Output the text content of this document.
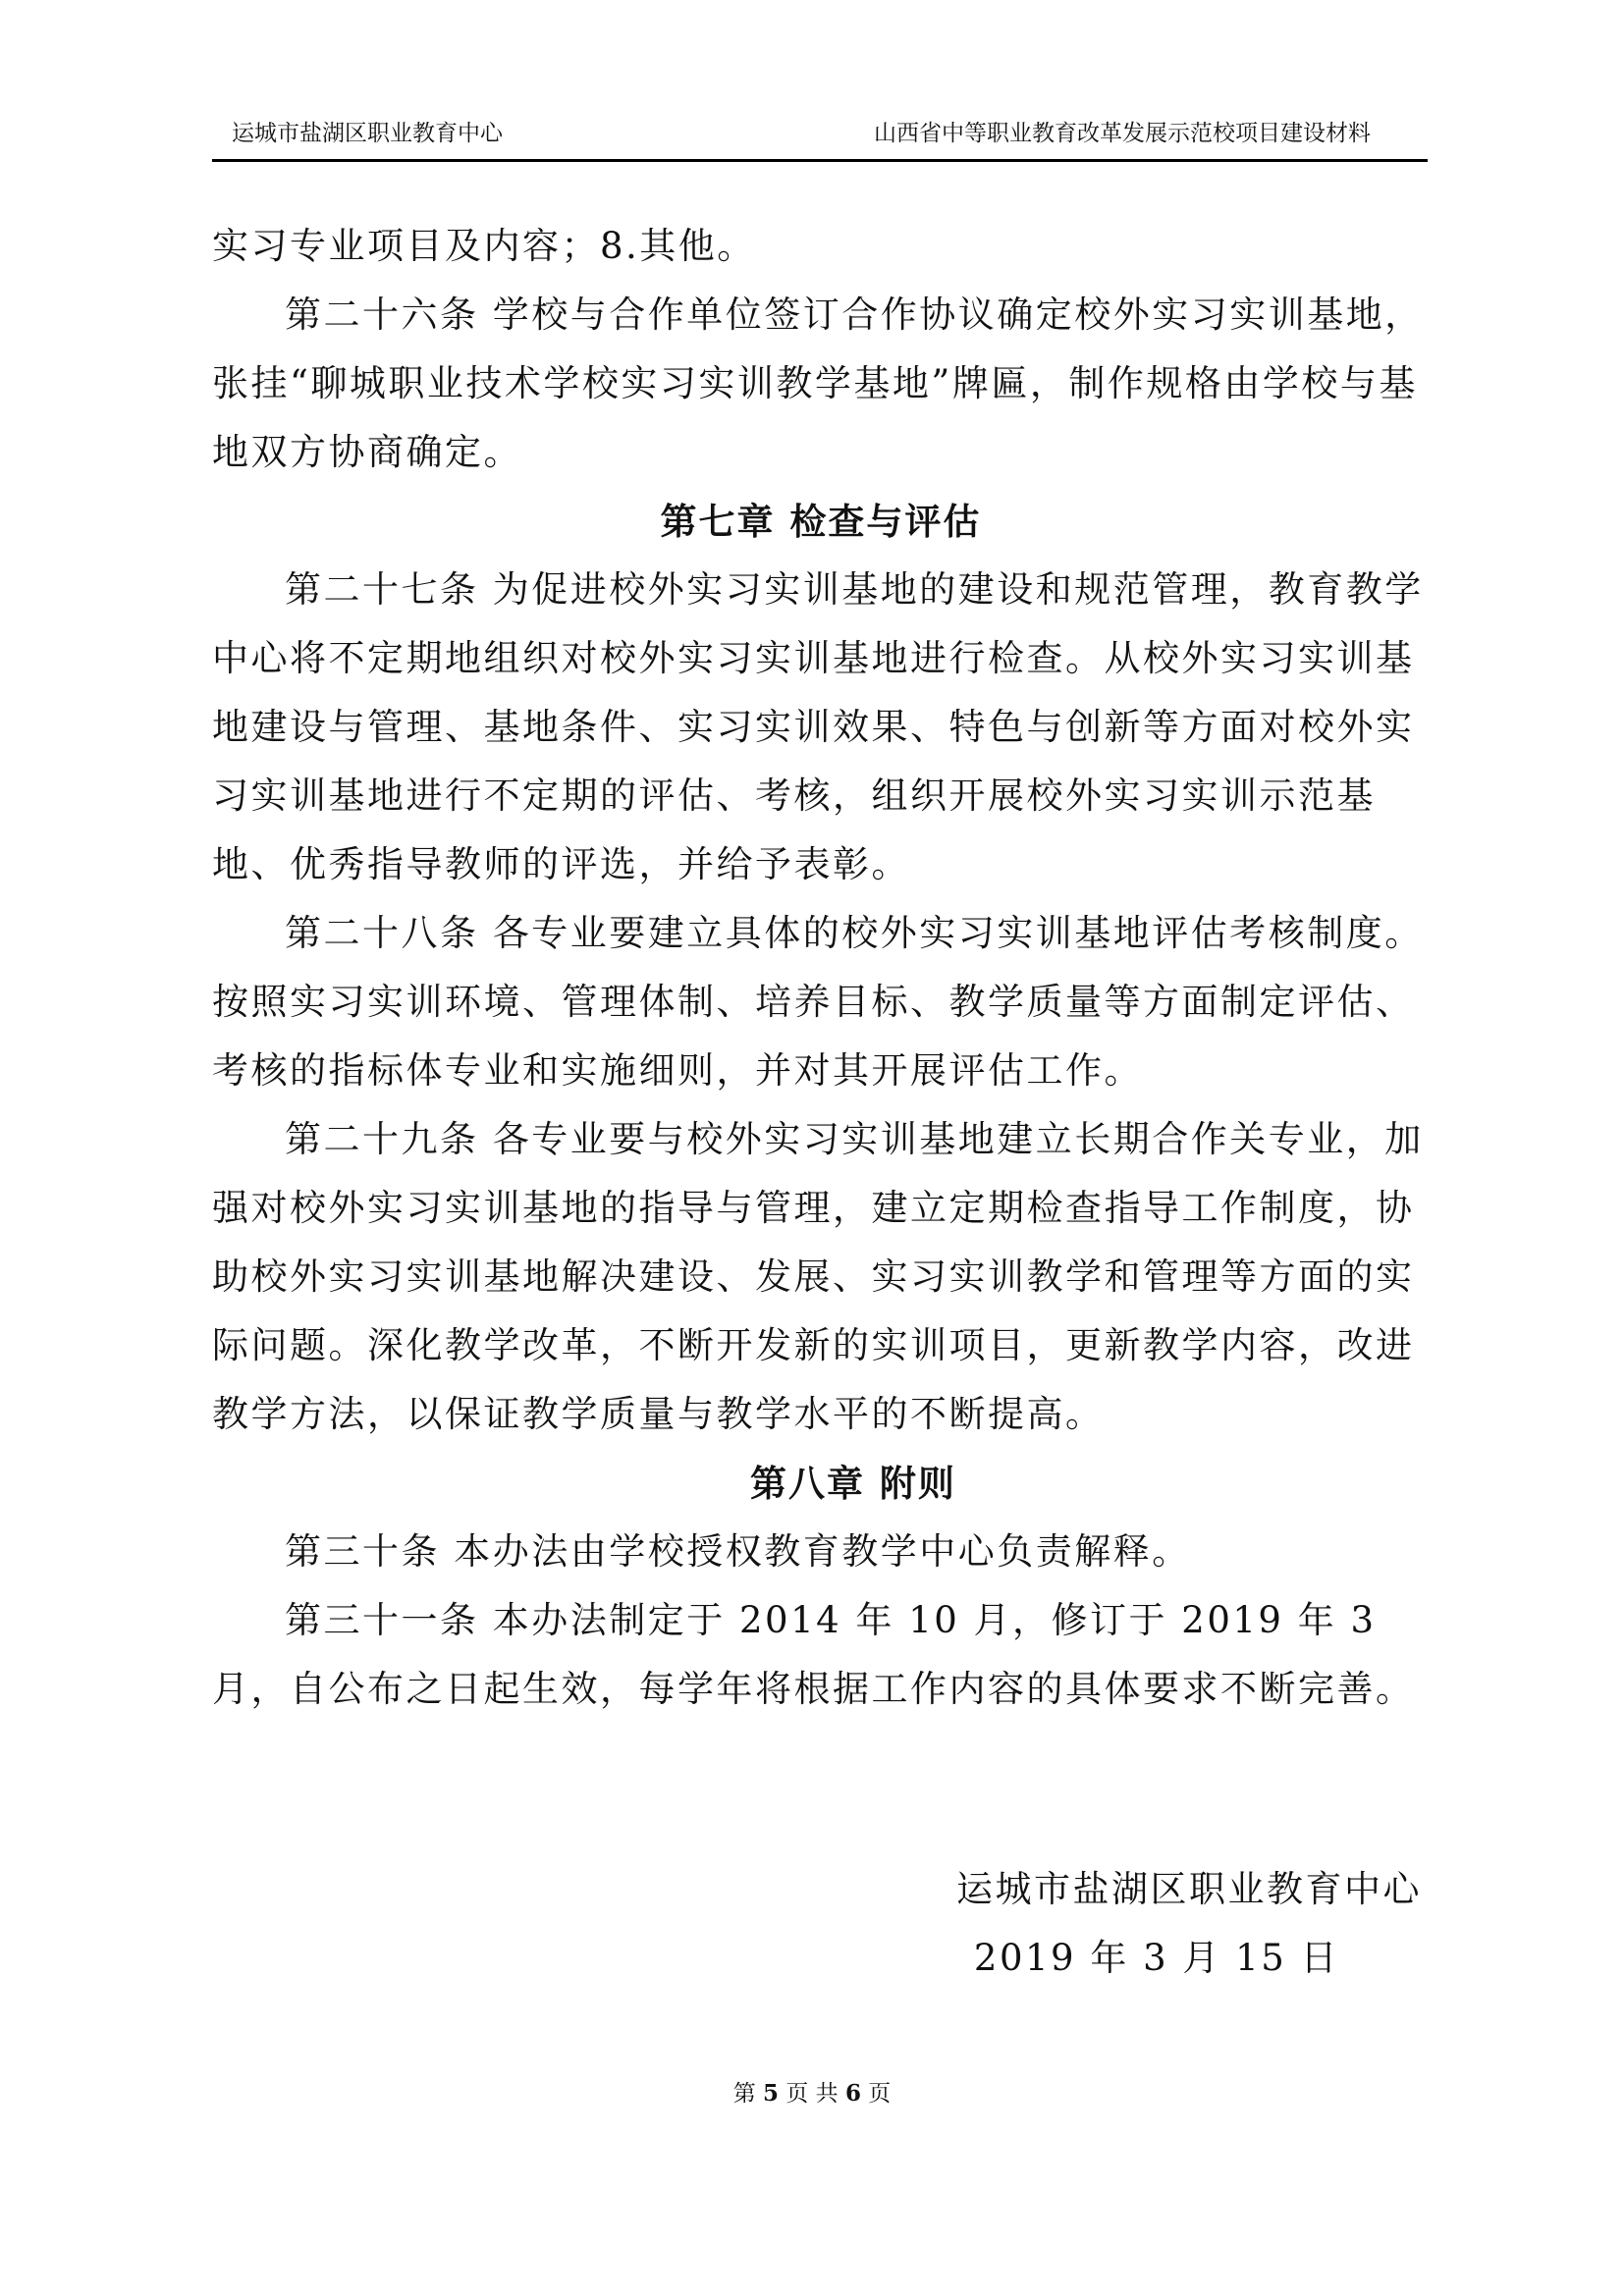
运城市盐湖区职业教育中心	山西省中等职业教育改革发展示范校项目建设材料

实习专业项目及内容；8.其他。

第二十六条 学校与合作单位签订合作协议确定校外实习实训基地，张挂“聊城职业技术学校实习实训教学基地”牌匾，制作规格由学校与基地双方协商确定。

第七章 检查与评估

第二十七条 为促进校外实习实训基地的建设和规范管理，教育教学中心将不定期地组织对校外实习实训基地进行检查。从校外实习实训基地建设与管理、基地条件、实习实训效果、特色与创新等方面对校外实习实训基地进行不定期的评估、考核，组织开展校外实习实训示范基地、优秀指导教师的评选，并给予表彰。

第二十八条 各专业要建立具体的校外实习实训基地评估考核制度。按照实习实训环境、管理体制、培养目标、教学质量等方面制定评估、考核的指标体专业和实施细则，并对其开展评估工作。

第二十九条 各专业要与校外实习实训基地建立长期合作关专业，加强对校外实习实训基地的指导与管理，建立定期检查指导工作制度，协助校外实习实训基地解决建设、发展、实习实训教学和管理等方面的实际问题。深化教学改革，不断开发新的实训项目，更新教学内容，改进教学方法，以保证教学质量与教学水平的不断提高。

第八章 附则

第三十条 本办法由学校授权教育教学中心负责解释。

第三十一条 本办法制定于 2014 年 10 月，修订于 2019 年 3 月，自公布之日起生效，每学年将根据工作内容的具体要求不断完善。

运城市盐湖区职业教育中心
2019 年 3 月 15 日
第 5 页 共 6 页
